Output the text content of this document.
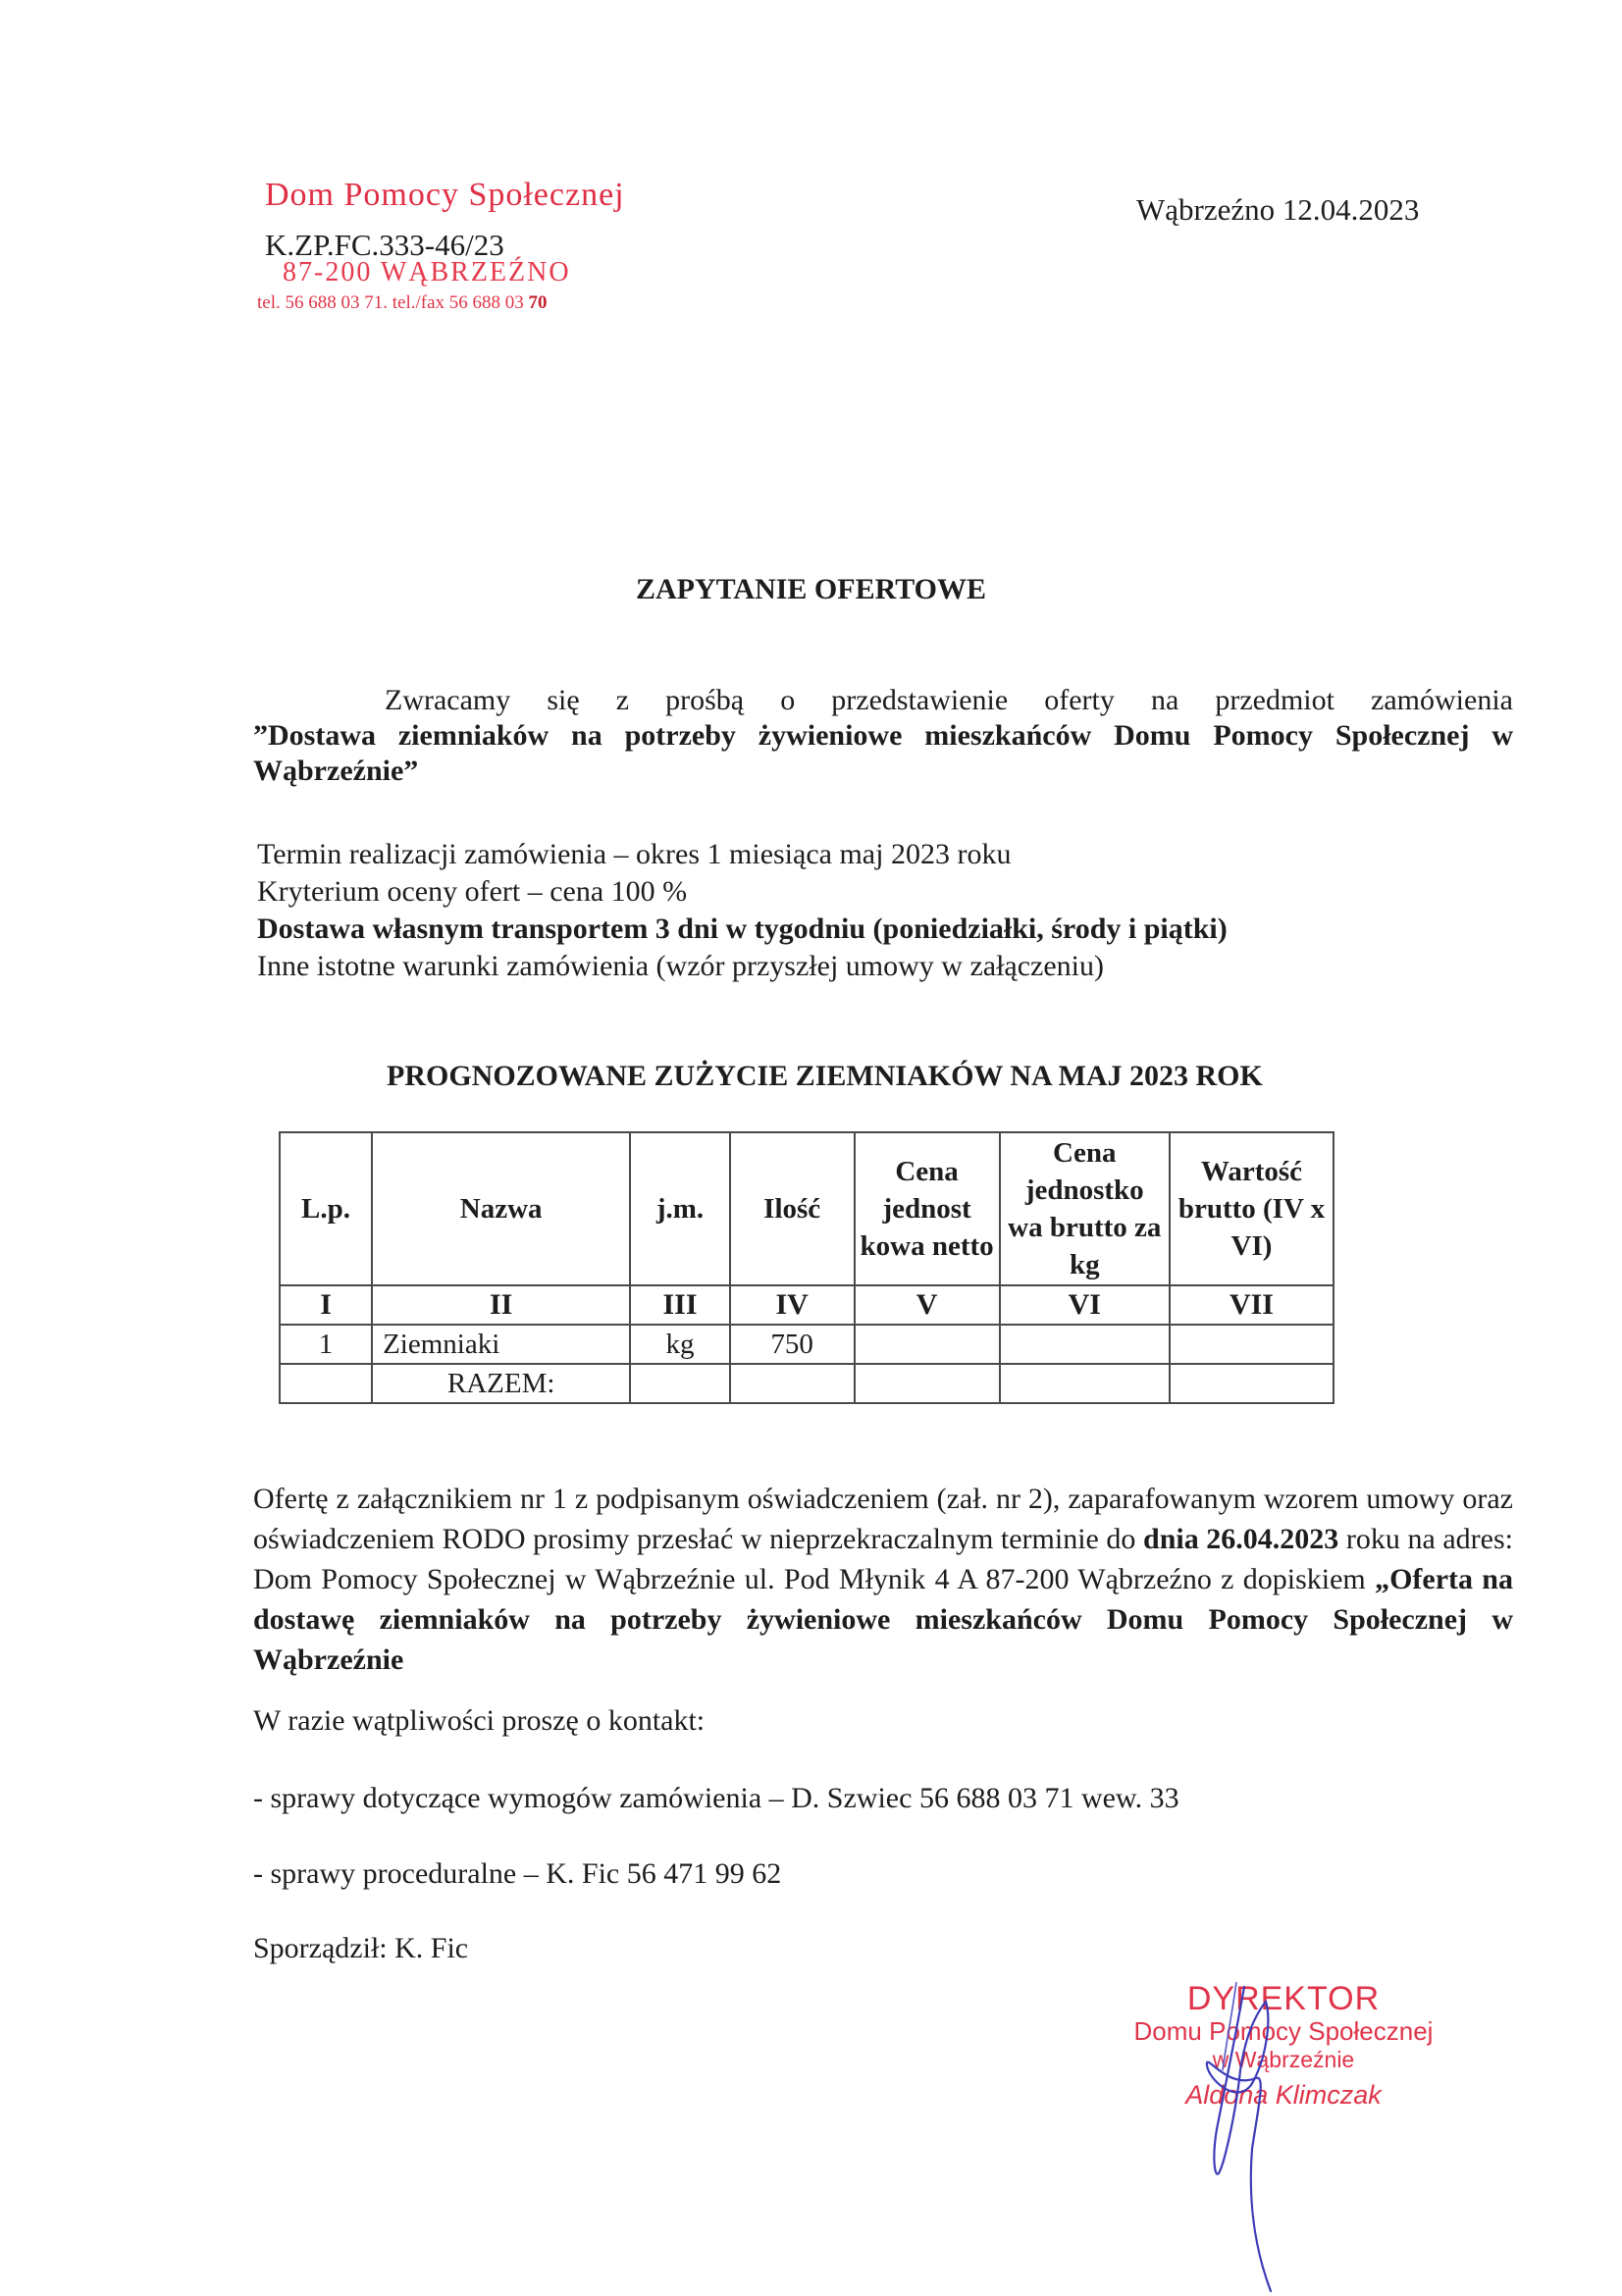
Dom Pomocy Społecznej
K.ZP.FC.333-46/23
87-200 WĄBRZEŹNO
tel. 56 688 03 71. tel./fax 56 688 03 70
Wąbrzeźno 12.04.2023
ZAPYTANIE OFERTOWE
Zwracamy się z prośbą o przedstawienie oferty na przedmiot zamówienia
”Dostawa ziemniaków na potrzeby żywieniowe mieszkańców Domu Pomocy Społecznej w Wąbrzeźnie”
Termin realizacji zamówienia – okres 1 miesiąca maj 2023 roku
Kryterium oceny ofert – cena 100 %
Dostawa własnym transportem 3 dni w tygodniu (poniedziałki, środy i piątki)
Inne istotne warunki zamówienia (wzór przyszłej umowy w załączeniu)
PROGNOZOWANE ZUŻYCIE ZIEMNIAKÓW NA MAJ 2023 ROK
L.p.	Nazwa	j.m.	Ilość	Cena jednost kowa netto	Cena jednostko wa brutto za kg	Wartość brutto (IV x VI)
I	II	III	IV	V	VI	VII
1	Ziemniaki	kg	750			
	RAZEM:					
Ofertę z załącznikiem nr 1 z podpisanym oświadczeniem (zał. nr 2), zaparafowanym wzorem umowy oraz oświadczeniem RODO prosimy przesłać w nieprzekraczalnym terminie do dnia 26.04.2023 roku na adres: Dom Pomocy Społecznej w Wąbrzeźnie ul. Pod Młynik 4 A 87-200 Wąbrzeźno z dopiskiem „Oferta na dostawę ziemniaków na potrzeby żywieniowe mieszkańców Domu Pomocy Społecznej w Wąbrzeźnie
W razie wątpliwości proszę o kontakt:
- sprawy dotyczące wymogów zamówienia – D. Szwiec 56 688 03 71 wew. 33
- sprawy proceduralne – K. Fic 56 471 99 62
Sporządził: K. Fic
DYREKTOR
Domu Pomocy Społecznej
w Wąbrzeźnie
Aldona Klimczak
